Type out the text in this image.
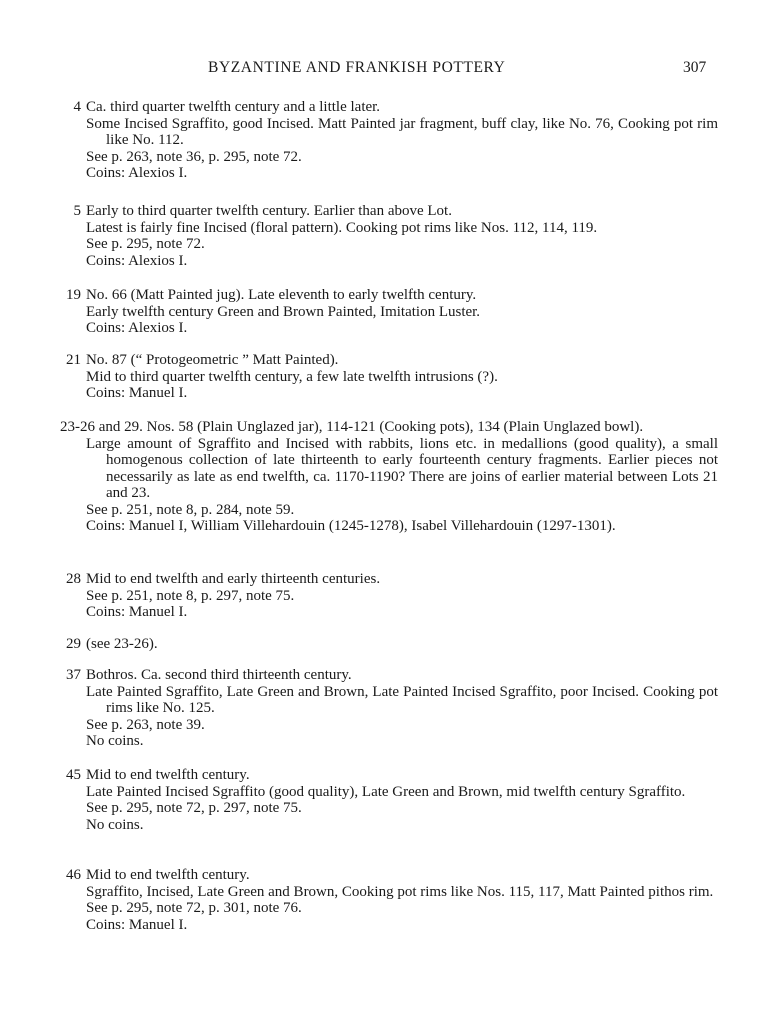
BYZANTINE AND FRANKISH POTTERY	307
4 Ca. third quarter twelfth century and a little later.
Some Incised Sgraffito, good Incised. Matt Painted jar fragment, buff clay, like No. 76, Cooking pot rim like No. 112.
See p. 263, note 36, p. 295, note 72.
Coins: Alexios I.
5 Early to third quarter twelfth century. Earlier than above Lot.
Latest is fairly fine Incised (floral pattern). Cooking pot rims like Nos. 112, 114, 119.
See p. 295, note 72.
Coins: Alexios I.
19 No. 66 (Matt Painted jug). Late eleventh to early twelfth century.
Early twelfth century Green and Brown Painted, Imitation Luster.
Coins: Alexios I.
21 No. 87 (“ Protogeometric ” Matt Painted).
Mid to third quarter twelfth century, a few late twelfth intrusions (?).
Coins: Manuel I.
23-26 and 29. Nos. 58 (Plain Unglazed jar), 114-121 (Cooking pots), 134 (Plain Unglazed bowl).
Large amount of Sgraffito and Incised with rabbits, lions etc. in medallions (good quality), a small homogenous collection of late thirteenth to early fourteenth century fragments. Earlier pieces not necessarily as late as end twelfth, ca. 1170-1190? There are joins of earlier material between Lots 21 and 23.
See p. 251, note 8, p. 284, note 59.
Coins: Manuel I, William Villehardouin (1245-1278), Isabel Villehardouin (1297-1301).
28 Mid to end twelfth and early thirteenth centuries.
See p. 251, note 8, p. 297, note 75.
Coins: Manuel I.
29 (see 23-26).
37 Bothros. Ca. second third thirteenth century.
Late Painted Sgraffito, Late Green and Brown, Late Painted Incised Sgraffito, poor Incised. Cooking pot rims like No. 125.
See p. 263, note 39.
No coins.
45 Mid to end twelfth century.
Late Painted Incised Sgraffito (good quality), Late Green and Brown, mid twelfth century Sgraffito.
See p. 295, note 72, p. 297, note 75.
No coins.
46 Mid to end twelfth century.
Sgraffito, Incised, Late Green and Brown, Cooking pot rims like Nos. 115, 117, Matt Painted pithos rim.
See p. 295, note 72, p. 301, note 76.
Coins: Manuel I.
